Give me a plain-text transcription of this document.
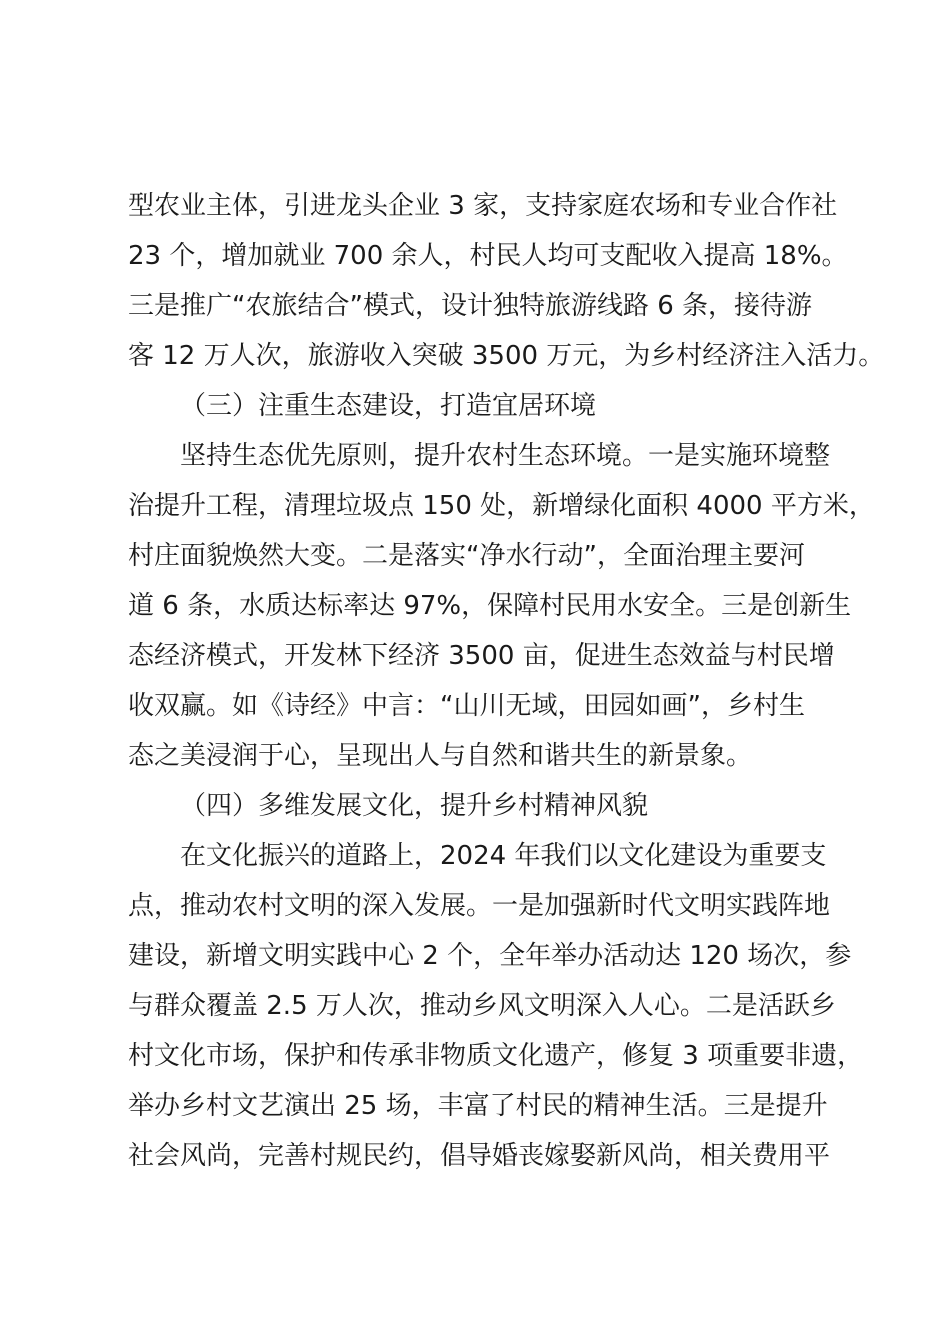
型农业主体，引进龙头企业 3 家，支持家庭农场和专业合作社
23 个，增加就业 700 余人，村民人均可支配收入提高 18%。
三是推广“农旅结合”模式，设计独特旅游线路 6 条，接待游
客 12 万人次，旅游收入突破 3500 万元，为乡村经济注入活力。
（三）注重生态建设，打造宜居环境
坚持生态优先原则，提升农村生态环境。一是实施环境整
治提升工程，清理垃圾点 150 处，新增绿化面积 4000 平方米，
村庄面貌焕然大变。二是落实“净水行动”，全面治理主要河
道 6 条，水质达标率达 97%，保障村民用水安全。三是创新生
态经济模式，开发林下经济 3500 亩，促进生态效益与村民增
收双赢。如《诗经》中言：“山川无域，田园如画”，乡村生
态之美浸润于心，呈现出人与自然和谐共生的新景象。
（四）多维发展文化，提升乡村精神风貌
在文化振兴的道路上，2024 年我们以文化建设为重要支
点，推动农村文明的深入发展。一是加强新时代文明实践阵地
建设，新增文明实践中心 2 个，全年举办活动达 120 场次，参
与群众覆盖 2.5 万人次，推动乡风文明深入人心。二是活跃乡
村文化市场，保护和传承非物质文化遗产，修复 3 项重要非遗，
举办乡村文艺演出 25 场，丰富了村民的精神生活。三是提升
社会风尚，完善村规民约，倡导婚丧嫁娶新风尚，相关费用平
